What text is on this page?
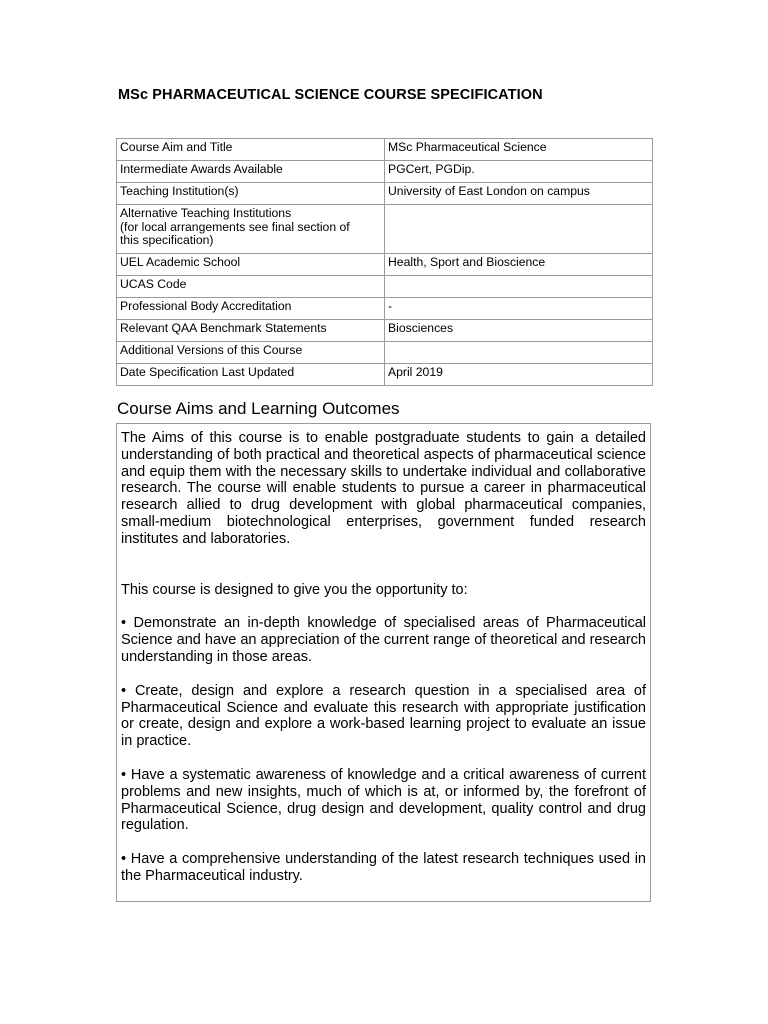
MSc PHARMACEUTICAL SCIENCE COURSE SPECIFICATION
Course Aim and Title	MSc Pharmaceutical Science
Intermediate Awards Available	PGCert, PGDip.
Teaching Institution(s)	University of East London on campus

Alternative Teaching Institutions
(for local arrangements see final section of
this specification)	

UEL Academic School	Health, Sport and Bioscience
UCAS Code	
Professional Body Accreditation	-
Relevant QAA Benchmark Statements	Biosciences
Additional Versions of this Course	
Date Specification Last Updated	April 2019
Course Aims and Learning Outcomes

The Aims of this course is to enable postgraduate students to gain a detailed understanding of both practical and theoretical aspects of pharmaceutical science and equip them with the necessary skills to undertake individual and collaborative research. The course will enable students to pursue a career in pharmaceutical research allied to drug development with global pharmaceutical companies, small-medium biotechnological enterprises, government funded research institutes and laboratories.

This course is designed to give you the opportunity to:

• Demonstrate an in-depth knowledge of specialised areas of Pharmaceutical Science and have an appreciation of the current range of theoretical and research understanding in those areas.

• Create, design and explore a research question in a specialised area of Pharmaceutical Science and evaluate this research with appropriate justification or create, design and explore a work-based learning project to evaluate an issue in practice.

• Have a systematic awareness of knowledge and a critical awareness of current problems and new insights, much of which is at, or informed by, the forefront of Pharmaceutical Science, drug design and development, quality control and drug regulation.

• Have a comprehensive understanding of the latest research techniques used in the Pharmaceutical industry.
